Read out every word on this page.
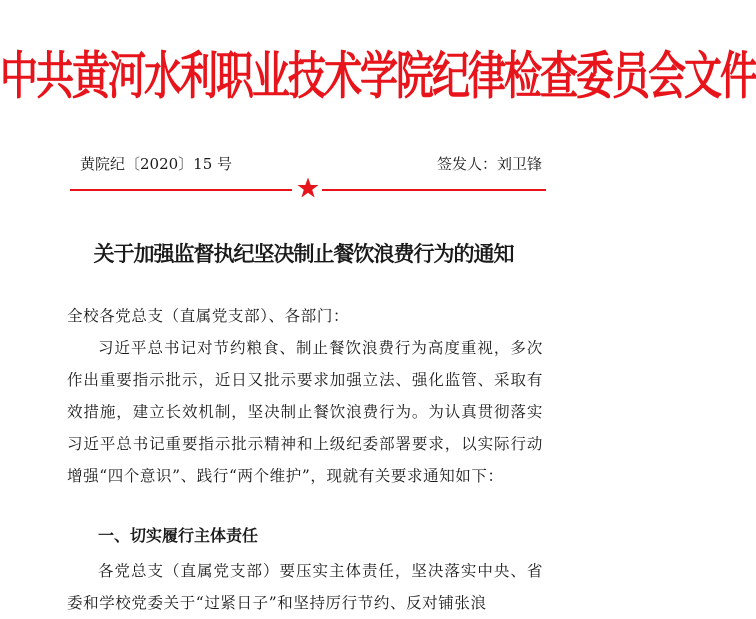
中共黄河水利职业技术学院纪律检查委员会文件
黄院纪〔2020〕15 号	签发人：刘卫锋
关于加强监督执纪坚决制止餐饮浪费行为的通知
全校各党总支（直属党支部）、各部门：
习近平总书记对节约粮食、制止餐饮浪费行为高度重视，多次作出重要指示批示，近日又批示要求加强立法、强化监管、采取有效措施，建立长效机制，坚决制止餐饮浪费行为。为认真贯彻落实习近平总书记重要指示批示精神和上级纪委部署要求，以实际行动增强“四个意识”、践行“两个维护”，现就有关要求通知如下：
一、切实履行主体责任
各党总支（直属党支部）要压实主体责任，坚决落实中央、省委和学校党委关于“过紧日子”和坚持厉行节约、反对铺张浪
